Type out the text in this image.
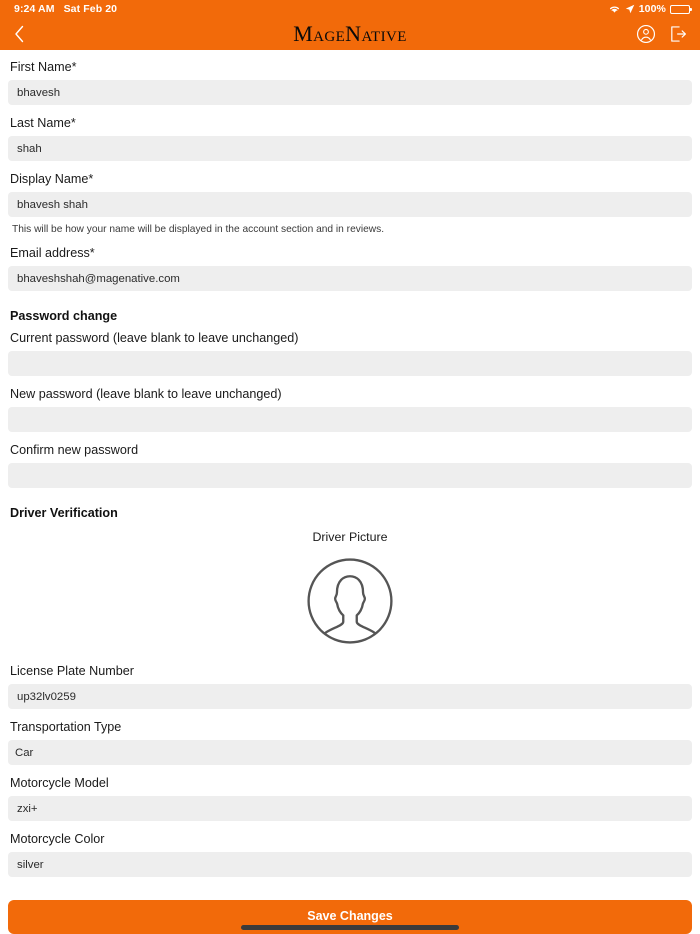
9:24 AM Sat Feb 20	100%
MageNative
First Name*
bhavesh
Last Name*
shah
Display Name*
bhavesh shah
This will be how your name will be displayed in the account section and in reviews.
Email address*
bhaveshshah@magenative.com
Password change
Current password (leave blank to leave unchanged)
New password (leave blank to leave unchanged)
Confirm new password
Driver Verification
Driver Picture
License Plate Number
up32lv0259
Transportation Type
Car
Motorcycle Model
zxi+
Motorcycle Color
silver
Save Changes
